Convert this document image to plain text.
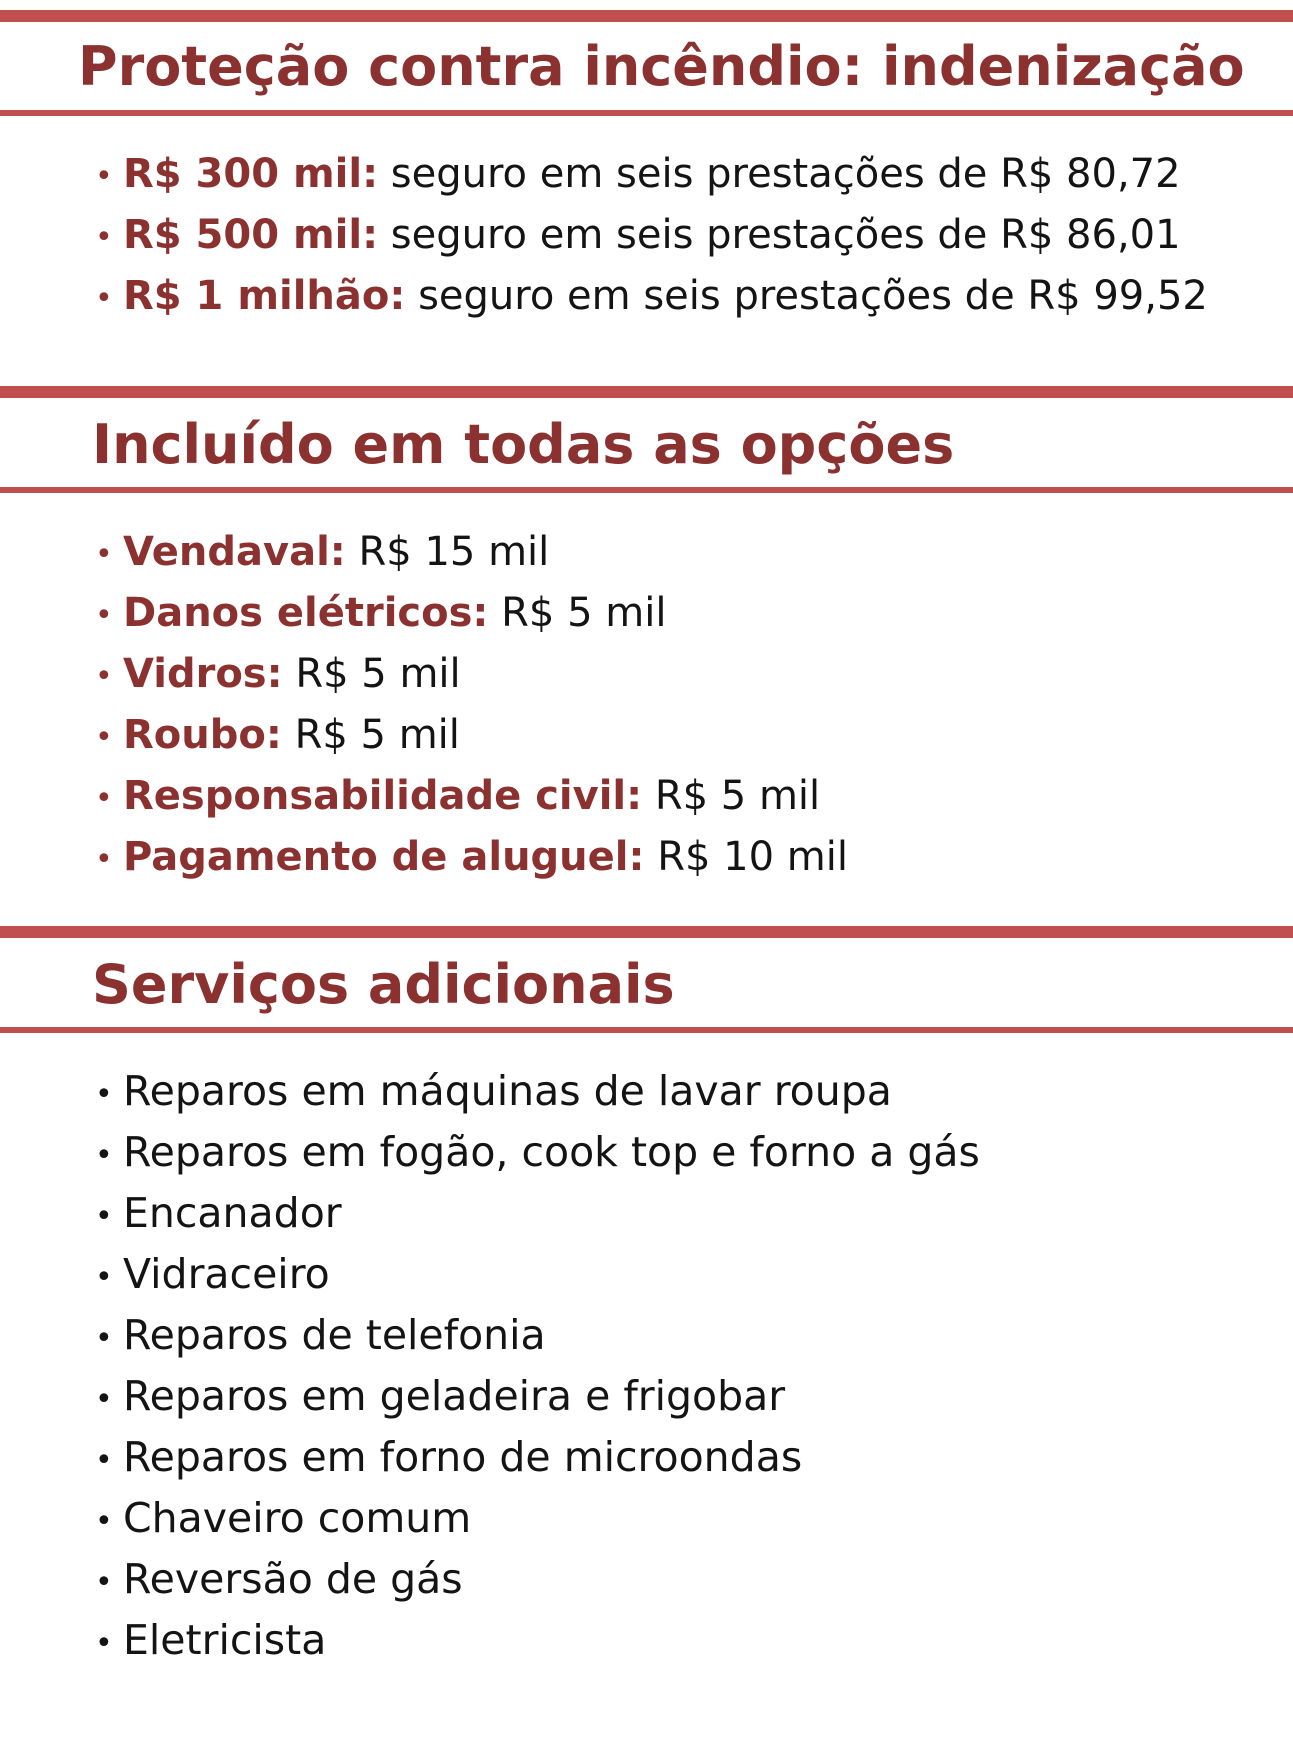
Proteção contra incêndio: indenização
• R$ 300 mil: seguro em seis prestações de R$ 80,72
• R$ 500 mil: seguro em seis prestações de R$ 86,01
• R$ 1 milhão: seguro em seis prestações de R$ 99,52
Incluído em todas as opções
• Vendaval: R$ 15 mil
• Danos elétricos: R$ 5 mil
• Vidros: R$ 5 mil
• Roubo: R$ 5 mil
• Responsabilidade civil: R$ 5 mil
• Pagamento de aluguel: R$ 10 mil
Serviços adicionais
• Reparos em máquinas de lavar roupa
• Reparos em fogão, cook top e forno a gás
• Encanador
• Vidraceiro
• Reparos de telefonia
• Reparos em geladeira e frigobar
• Reparos em forno de microondas
• Chaveiro comum
• Reversão de gás
• Eletricista
